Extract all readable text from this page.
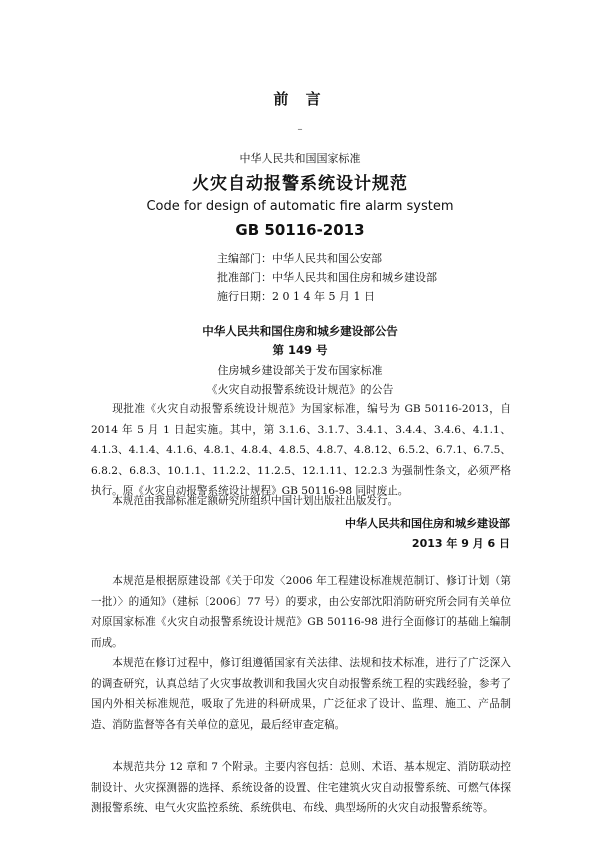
前 言
–
中华人民共和国国家标准
火灾自动报警系统设计规范
Code for design of automatic fire alarm system
GB 50116-2013
主编部门：中华人民共和国公安部
批准部门：中华人民共和国住房和城乡建设部
施行日期：2 0 1 4 年 5 月 1 日
中华人民共和国住房和城乡建设部公告
第 149 号
住房城乡建设部关于发布国家标准
《火灾自动报警系统设计规范》的公告

现批准《火灾自动报警系统设计规范》为国家标准，编号为 GB 50116-2013，自 2014 年 5 月 1 日起实施。其中，第 3.1.6、3.1.7、3.4.1、3.4.4、3.4.6、4.1.1、4.1.3、4.1.4、4.1.6、4.8.1、4.8.4、4.8.5、4.8.7、4.8.12、6.5.2、6.7.1、6.7.5、6.8.2、6.8.3、10.1.1、11.2.2、11.2.5、12.1.11、12.2.3 为强制性条文，必须严格执行。原《火灾自动报警系统设计规程》GB 50116-98 同时废止。

本规范由我部标准定额研究所组织中国计划出版社出版发行。

中华人民共和国住房和城乡建设部
2013 年 9 月 6 日

本规范是根据原建设部《关于印发〈2006 年工程建设标准规范制订、修订计划（第一批）〉的通知》（建标〔2006〕77 号）的要求，由公安部沈阳消防研究所会同有关单位对原国家标准《火灾自动报警系统设计规范》GB 50116-98 进行全面修订的基础上编制而成。

本规范在修订过程中，修订组遵循国家有关法律、法规和技术标准，进行了广泛深入的调查研究，认真总结了火灾事故教训和我国火灾自动报警系统工程的实践经验，参考了国内外相关标准规范，吸取了先进的科研成果，广泛征求了设计、监理、施工、产品制造、消防监督等各有关单位的意见，最后经审查定稿。

本规范共分 12 章和 7 个附录。主要内容包括：总则、术语、基本规定、消防联动控制设计、火灾探测器的选择、系统设备的设置、住宅建筑火灾自动报警系统、可燃气体探测报警系统、电气火灾监控系统、系统供电、布线、典型场所的火灾自动报警系统等。
